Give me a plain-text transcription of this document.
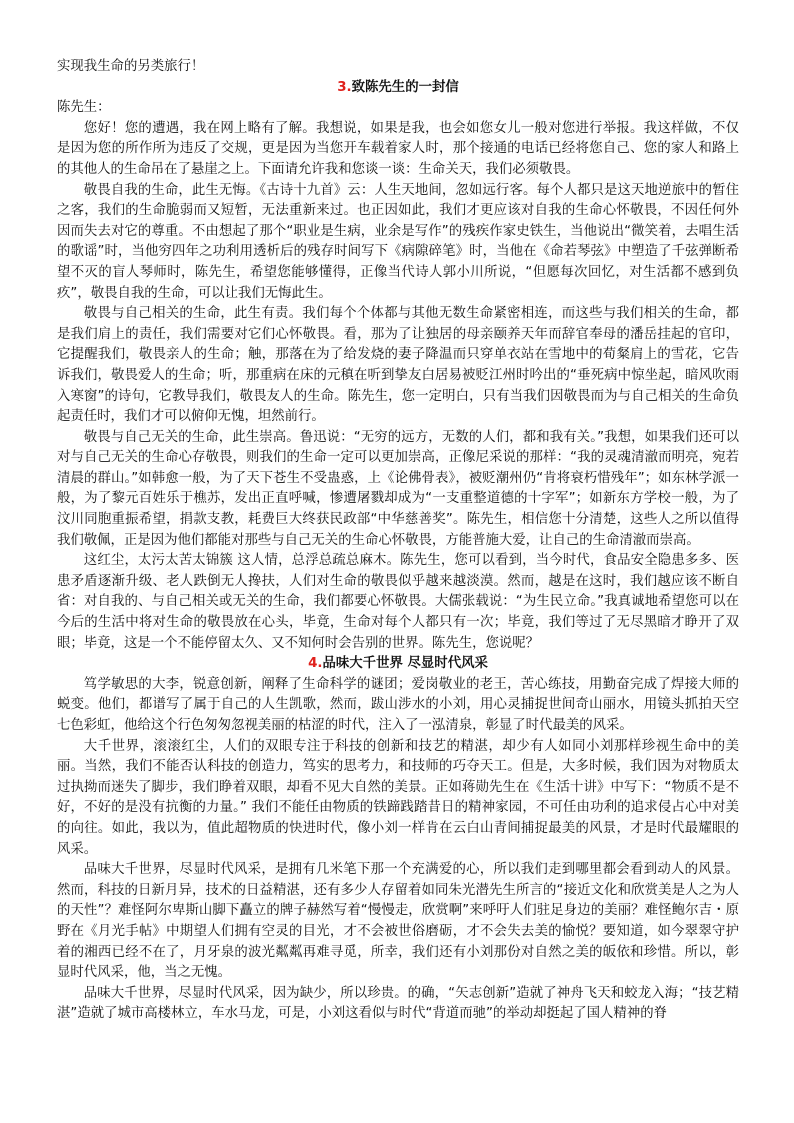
实现我生命的另类旅行！

3.致陈先生的一封信

陈先生：

您好！您的遭遇，我在网上略有了解。我想说，如果是我，也会如您女儿一般对您进行举报。我这样做，不仅是因为您的所作所为违反了交规，更是因为当您开车载着家人时，那个接通的电话已经将您自己、您的家人和路上的其他人的生命吊在了悬崖之上。下面请允许我和您谈一谈：生命关天，我们必须敬畏。

敬畏自我的生命，此生无悔。《古诗十九首》云：人生天地间，忽如远行客。每个人都只是这天地逆旅中的暂住之客，我们的生命脆弱而又短暂，无法重新来过。也正因如此，我们才更应该对自我的生命心怀敬畏，不因任何外因而失去对它的尊重。不由想起了那个“职业是生病，业余是写作”的残疾作家史铁生，当他说出“微笑着，去唱生活的歌谣”时，当他穷四年之功利用透析后的残存时间写下《病隙碎笔》时，当他在《命若琴弦》中塑造了千弦弹断希望不灭的盲人琴师时，陈先生，希望您能够懂得，正像当代诗人郭小川所说，“但愿每次回忆，对生活都不感到负疚”，敬畏自我的生命，可以让我们无悔此生。

敬畏与自己相关的生命，此生有责。我们每个个体都与其他无数生命紧密相连，而这些与我们相关的生命，都是我们肩上的责任，我们需要对它们心怀敬畏。看，那为了让独居的母亲颐养天年而辞官奉母的潘岳挂起的官印，它提醒我们，敬畏亲人的生命；触，那落在为了给发烧的妻子降温而只穿单衣站在雪地中的荀粲肩上的雪花，它告诉我们，敬畏爱人的生命；听，那重病在床的元稹在听到挚友白居易被贬江州时吟出的“垂死病中惊坐起，暗风吹雨入寒窗”的诗句，它教导我们，敬畏友人的生命。陈先生，您一定明白，只有当我们因敬畏而为与自己相关的生命负起责任时，我们才可以俯仰无愧，坦然前行。

敬畏与自己无关的生命，此生崇高。鲁迅说：“无穷的远方，无数的人们，都和我有关。”我想，如果我们还可以对与自己无关的生命心存敬畏，则我们的生命一定可以更加崇高，正像尼采说的那样：“我的灵魂清澈而明亮，宛若清晨的群山。”如韩愈一般，为了天下苍生不受蛊惑，上《论佛骨表》，被贬潮州仍“肯将衰朽惜残年”；如东林学派一般，为了黎元百姓乐于樵苏，发出正直呼喊，惨遭屠戮却成为“一支重整道德的十字军”；如新东方学校一般，为了汶川同胞重振希望，捐款支教，耗费巨大终获民政部“中华慈善奖”。陈先生，相信您十分清楚，这些人之所以值得我们敬佩，正是因为他们都能对那些与自己无关的生命心怀敬畏，方能普施大爱，让自己的生命清澈而崇高。

这红尘，太污太苦太锦簇 这人情，总浮总疏总麻木。陈先生，您可以看到，当今时代，食品安全隐患多多、医患矛盾逐渐升级、老人跌倒无人搀扶，人们对生命的敬畏似乎越来越淡漠。然而，越是在这时，我们越应该不断自省：对自我的、与自己相关或无关的生命，我们都要心怀敬畏。大儒张载说：“为生民立命。”我真诚地希望您可以在今后的生活中将对生命的敬畏放在心头，毕竟，生命对每个人都只有一次；毕竟，我们等过了无尽黑暗才睁开了双眼；毕竟，这是一个不能停留太久、又不知何时会告别的世界。陈先生，您说呢？

4.品味大千世界 尽显时代风采

笃学敏思的大李，锐意创新，阐释了生命科学的谜团；爱岗敬业的老王，苦心练技，用勤奋完成了焊接大师的蜕变。他们，都谱写了属于自己的人生凯歌，然而，跋山涉水的小刘，用心灵捕捉世间奇山丽水，用镜头抓拍天空七色彩虹，他给这个行色匆匆忽视美丽的枯涩的时代，注入了一泓清泉，彰显了时代最美的风采。

大千世界，滚滚红尘，人们的双眼专注于科技的创新和技艺的精湛，却少有人如同小刘那样珍视生命中的美丽。当然，我们不能否认科技的创造力，笃实的思考力，和技师的巧夺天工。但是，大多时候，我们因为对物质太过执拗而迷失了脚步，我们睁着双眼，却看不见大自然的美景。正如蒋勋先生在《生活十讲》中写下：“物质不是不好，不好的是没有抗衡的力量。” 我们不能任由物质的铁蹄践踏昔日的精神家园，不可任由功利的追求侵占心中对美的向往。如此，我以为，值此超物质的快进时代，像小刘一样肯在云白山青间捕捉最美的风景，才是时代最耀眼的风采。

品味大千世界，尽显时代风采，是拥有几米笔下那一个充满爱的心，所以我们走到哪里都会看到动人的风景。然而，科技的日新月异，技术的日益精湛，还有多少人存留着如同朱光潜先生所言的“接近文化和欣赏美是人之为人的天性”？难怪阿尔卑斯山脚下矗立的牌子赫然写着“慢慢走，欣赏啊”来呼吁人们驻足身边的美丽？难怪鲍尔吉・原野在《月光手帖》中期望人们拥有空灵的目光，才不会被世俗磨砺，才不会失去美的愉悦？要知道，如今翠翠守护着的湘西已经不在了，月牙泉的波光粼粼再难寻觅，所幸，我们还有小刘那份对自然之美的皈依和珍惜。所以，彰显时代风采，他，当之无愧。

品味大千世界，尽显时代风采，因为缺少，所以珍贵。的确，“矢志创新”造就了神舟飞天和蛟龙入海；“技艺精湛”造就了城市高楼林立，车水马龙，可是，小刘这看似与时代“背道而驰”的举动却挺起了国人精神的脊
